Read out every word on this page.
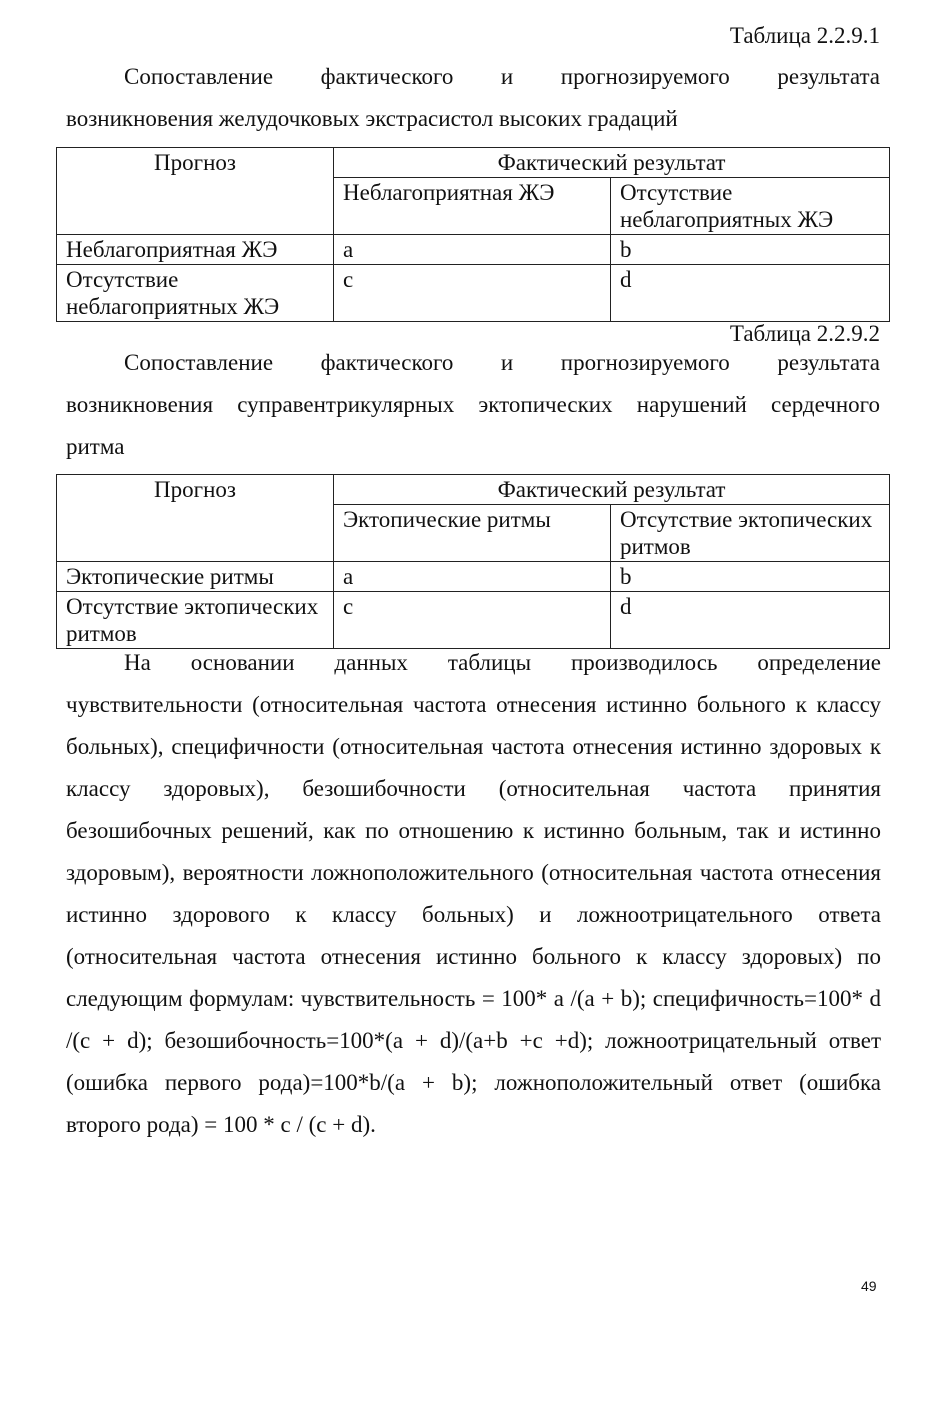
Таблица 2.2.9.1
Сопоставление фактического и прогнозируемого результата
возникновения желудочковых экстрасистол высоких градаций
Прогноз	Фактический результат	
	Неблагоприятная ЖЭ	Отсутствие неблагоприятных ЖЭ
Неблагоприятная ЖЭ	a	b
Отсутствие неблагоприятных ЖЭ	c	d
Таблица 2.2.9.2
Сопоставление фактического и прогнозируемого результата
возникновения суправентрикулярных эктопических нарушений сердечного
ритма
Прогноз	Фактический результат	
	Эктопические ритмы	Отсутствие эктопических ритмов
Эктопические ритмы	a	b
Отсутствие эктопических ритмов	c	d
На основании данных таблицы производилось определение чувствительности (относительная частота отнесения истинно больного к классу больных), специфичности (относительная частота отнесения истинно здоровых к классу здоровых), безошибочности (относительная частота принятия безошибочных решений, как по отношению к истинно больным, так и истинно здоровым), вероятности ложноположительного (относительная частота отнесения истинно здорового к классу больных) и ложноотрицательного ответа (относительная частота отнесения истинно больного к классу здоровых) по следующим формулам: чувствительность = 100* a /(a + b); специфичность=100* d /(c + d); безошибочность=100*(a + d)/(a+b +c +d); ложноотрицательный ответ (ошибка первого рода)=100*b/(a + b); ложноположительный ответ (ошибка второго рода) = 100 * c / (c + d).
49
